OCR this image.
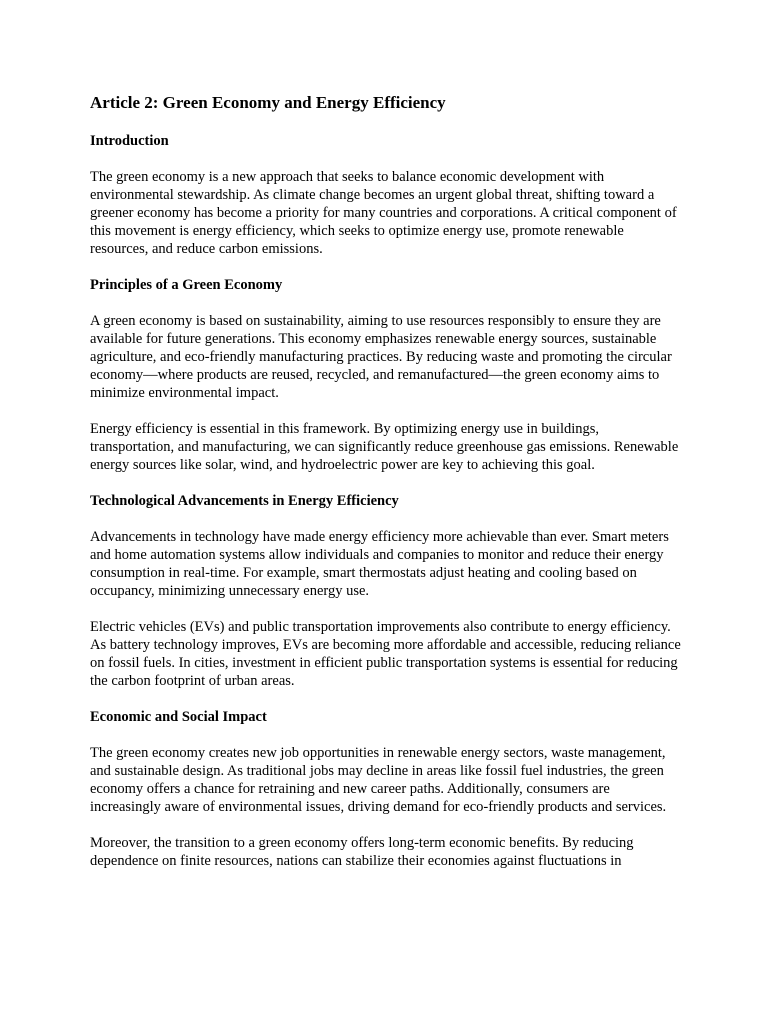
Article 2: Green Economy and Energy Efficiency
Introduction

The green economy is a new approach that seeks to balance economic development with environmental stewardship. As climate change becomes an urgent global threat, shifting toward a greener economy has become a priority for many countries and corporations. A critical component of this movement is energy efficiency, which seeks to optimize energy use, promote renewable resources, and reduce carbon emissions.

Principles of a Green Economy

A green economy is based on sustainability, aiming to use resources responsibly to ensure they are available for future generations. This economy emphasizes renewable energy sources, sustainable agriculture, and eco-friendly manufacturing practices. By reducing waste and promoting the circular economy—where products are reused, recycled, and remanufactured—the green economy aims to minimize environmental impact.

Energy efficiency is essential in this framework. By optimizing energy use in buildings, transportation, and manufacturing, we can significantly reduce greenhouse gas emissions. Renewable energy sources like solar, wind, and hydroelectric power are key to achieving this goal.

Technological Advancements in Energy Efficiency

Advancements in technology have made energy efficiency more achievable than ever. Smart meters and home automation systems allow individuals and companies to monitor and reduce their energy consumption in real-time. For example, smart thermostats adjust heating and cooling based on occupancy, minimizing unnecessary energy use.

Electric vehicles (EVs) and public transportation improvements also contribute to energy efficiency. As battery technology improves, EVs are becoming more affordable and accessible, reducing reliance on fossil fuels. In cities, investment in efficient public transportation systems is essential for reducing the carbon footprint of urban areas.

Economic and Social Impact

The green economy creates new job opportunities in renewable energy sectors, waste management, and sustainable design. As traditional jobs may decline in areas like fossil fuel industries, the green economy offers a chance for retraining and new career paths. Additionally, consumers are increasingly aware of environmental issues, driving demand for eco-friendly products and services.

Moreover, the transition to a green economy offers long-term economic benefits. By reducing dependence on finite resources, nations can stabilize their economies against fluctuations in
